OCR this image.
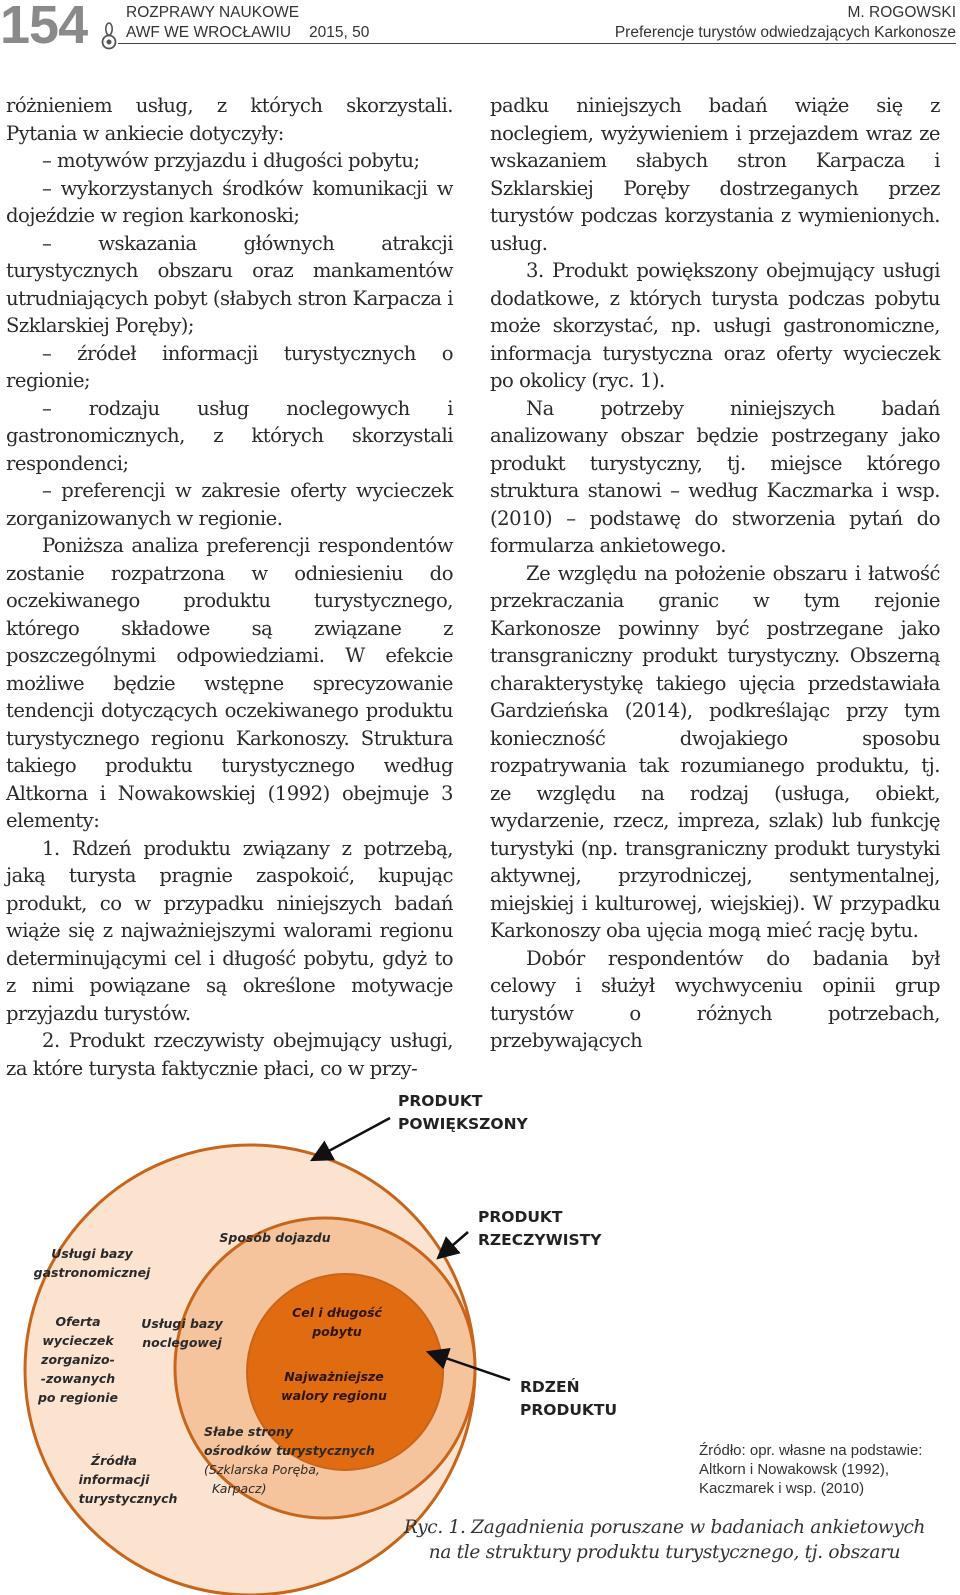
154	ROZPRAWY NAUKOWE
AWF WE WROCŁAWIU 2015, 50
M. ROGOWSKI
Preferencje turystów odwiedzających Karkonosze

różnieniem usług, z których skorzystali. Pytania w ankiecie dotyczyły:

– motywów przyjazdu i długości pobytu;

– wykorzystanych środków komunikacji w dojeździe w region karkonoski;

– wskazania głównych atrakcji turystycznych obszaru oraz mankamentów utrudniających pobyt (słabych stron Karpacza i Szklarskiej Poręby);

– źródeł informacji turystycznych o regionie;

– rodzaju usług noclegowych i gastronomicznych, z których skorzystali respondenci;

– preferencji w zakresie oferty wycieczek zorganizowanych w regionie.

Poniższa analiza preferencji respondentów zostanie rozpatrzona w odniesieniu do oczekiwanego produktu turystycznego, którego składowe są związane z poszczególnymi odpowiedziami. W efekcie możliwe będzie wstępne sprecyzowanie tendencji dotyczących oczekiwanego produktu turystycznego regionu Karkonoszy. Struktura takiego produktu turystycznego według Altkorna i Nowakowskiej (1992) obejmuje 3 elementy:

1. Rdzeń produktu związany z potrzebą, jaką turysta pragnie zaspokoić, kupując produkt, co w przypadku niniejszych badań wiąże się z najważniejszymi walorami regionu determinującymi cel i długość pobytu, gdyż to z nimi powiązane są określone motywacje przyjazdu turystów.

2. Produkt rzeczywisty obejmujący usługi, za które turysta faktycznie płaci, co w przy-

padku niniejszych badań wiąże się z noclegiem, wyżywieniem i przejazdem wraz ze wskazaniem słabych stron Karpacza i Szklarskiej Poręby dostrzeganych przez turystów podczas korzystania z wymienionych. usług.

3. Produkt powiększony obejmujący usługi dodatkowe, z których turysta podczas pobytu może skorzystać, np. usługi gastronomiczne, informacja turystyczna oraz oferty wycieczek po okolicy (ryc. 1).

Na potrzeby niniejszych badań analizowany obszar będzie postrzegany jako produkt turystyczny, tj. miejsce którego struktura stanowi – według Kaczmarka i wsp. (2010) – podstawę do stworzenia pytań do formularza ankietowego.

Ze względu na położenie obszaru i łatwość przekraczania granic w tym rejonie Karkonosze powinny być postrzegane jako transgraniczny produkt turystyczny. Obszerną charakterystykę takiego ujęcia przedstawiała Gardzieńska (2014), podkreślając przy tym konieczność dwojakiego sposobu rozpatrywania tak rozumianego produktu, tj. ze względu na rodzaj (usługa, obiekt, wydarzenie, rzecz, impreza, szlak) lub funkcję turystyki (np. transgraniczny produkt turystyki aktywnej, przyrodniczej, sentymentalnej, miejskiej i kulturowej, wiejskiej). W przypadku Karkonoszy oba ujęcia mogą mieć rację bytu.

Dobór respondentów do badania był celowy i służył wychwyceniu opinii grup turystów o różnych potrzebach, przebywających

PRODUKT POWIĘKSZONY
PRODUKT RZECZYWISTY
RDZEŃ PRODUKTU
Usługi bazy gastronomicznej
Oferta wycieczek zorganizo--zowanych po regionie
Źródła informacji turystycznych
Sposób dojazdu
Usługi bazy noclegowej
Cel i długość pobytu
Najważniejsze walory regionu
Słabe strony ośrodków turystycznych (Szklarska Poręba, Karpacz)
Źródło: opr. własne na podstawie:
Altkorn i Nowakowsk (1992),
Kaczmarek i wsp. (2010)
Ryc. 1. Zagadnienia poruszane w badaniach ankietowych
na tle struktury produktu turystycznego, tj. obszaru
